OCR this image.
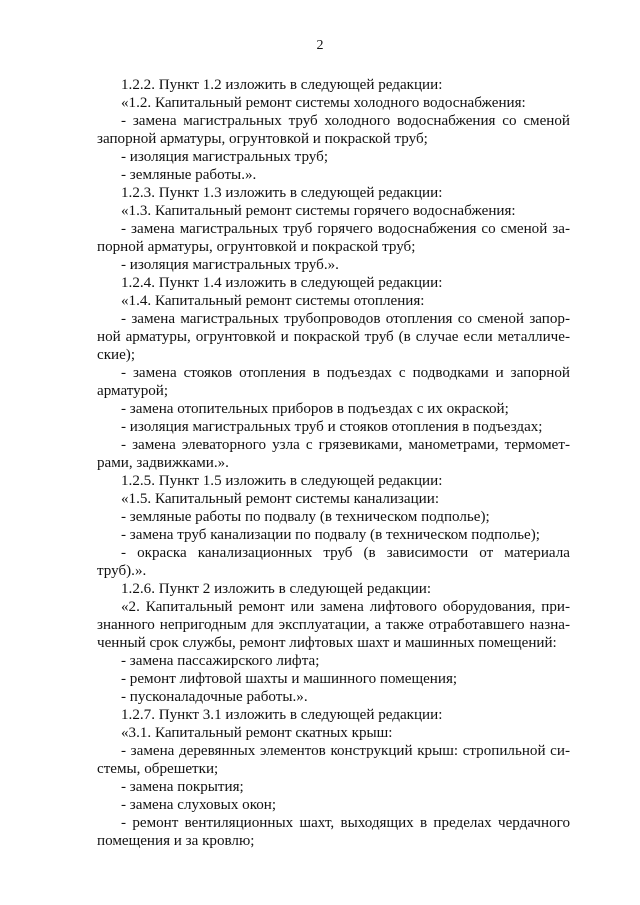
2

1.2.2. Пункт 1.2 изложить в следующей редакции:

«1.2. Капитальный ремонт системы холодного водоснабжения:

- замена магистральных труб холодного водоснабжения со сменой запорной арматуры, огрунтовкой и покраской труб;

- изоляция магистральных труб;

- земляные работы.».

1.2.3. Пункт 1.3 изложить в следующей редакции:

«1.3. Капитальный ремонт системы горячего водоснабжения:

- замена магистральных труб горячего водоснабжения со сменой запорной арматуры, огрунтовкой и покраской труб;

- изоляция магистральных труб.».

1.2.4. Пункт 1.4 изложить в следующей редакции:

«1.4. Капитальный ремонт системы отопления:

- замена магистральных трубопроводов отопления со сменой запорной арматуры, огрунтовкой и покраской труб (в случае если металлические);

- замена стояков отопления в подъездах с подводками и запорной арматурой;

- замена отопительных приборов в подъездах с их окраской;

- изоляция магистральных труб и стояков отопления в подъездах;

- замена элеваторного узла с грязевиками, манометрами, термометрами, задвижками.».

1.2.5. Пункт 1.5 изложить в следующей редакции:

«1.5. Капитальный ремонт системы канализации:

- земляные работы по подвалу (в техническом подполье);

- замена труб канализации по подвалу (в техническом подполье);

- окраска канализационных труб (в зависимости от материала труб).».

1.2.6. Пункт 2 изложить в следующей редакции:

«2. Капитальный ремонт или замена лифтового оборудования, признанного непригодным для эксплуатации, а также отработавшего назначенный срок службы, ремонт лифтовых шахт и машинных помещений:

- замена пассажирского лифта;

- ремонт лифтовой шахты и машинного помещения;

- пусконаладочные работы.».

1.2.7. Пункт 3.1 изложить в следующей редакции:

«3.1. Капитальный ремонт скатных крыш:

- замена деревянных элементов конструкций крыш: стропильной системы, обрешетки;

- замена покрытия;

- замена слуховых окон;

- ремонт вентиляционных шахт, выходящих в пределах чердачного помещения и за кровлю;
